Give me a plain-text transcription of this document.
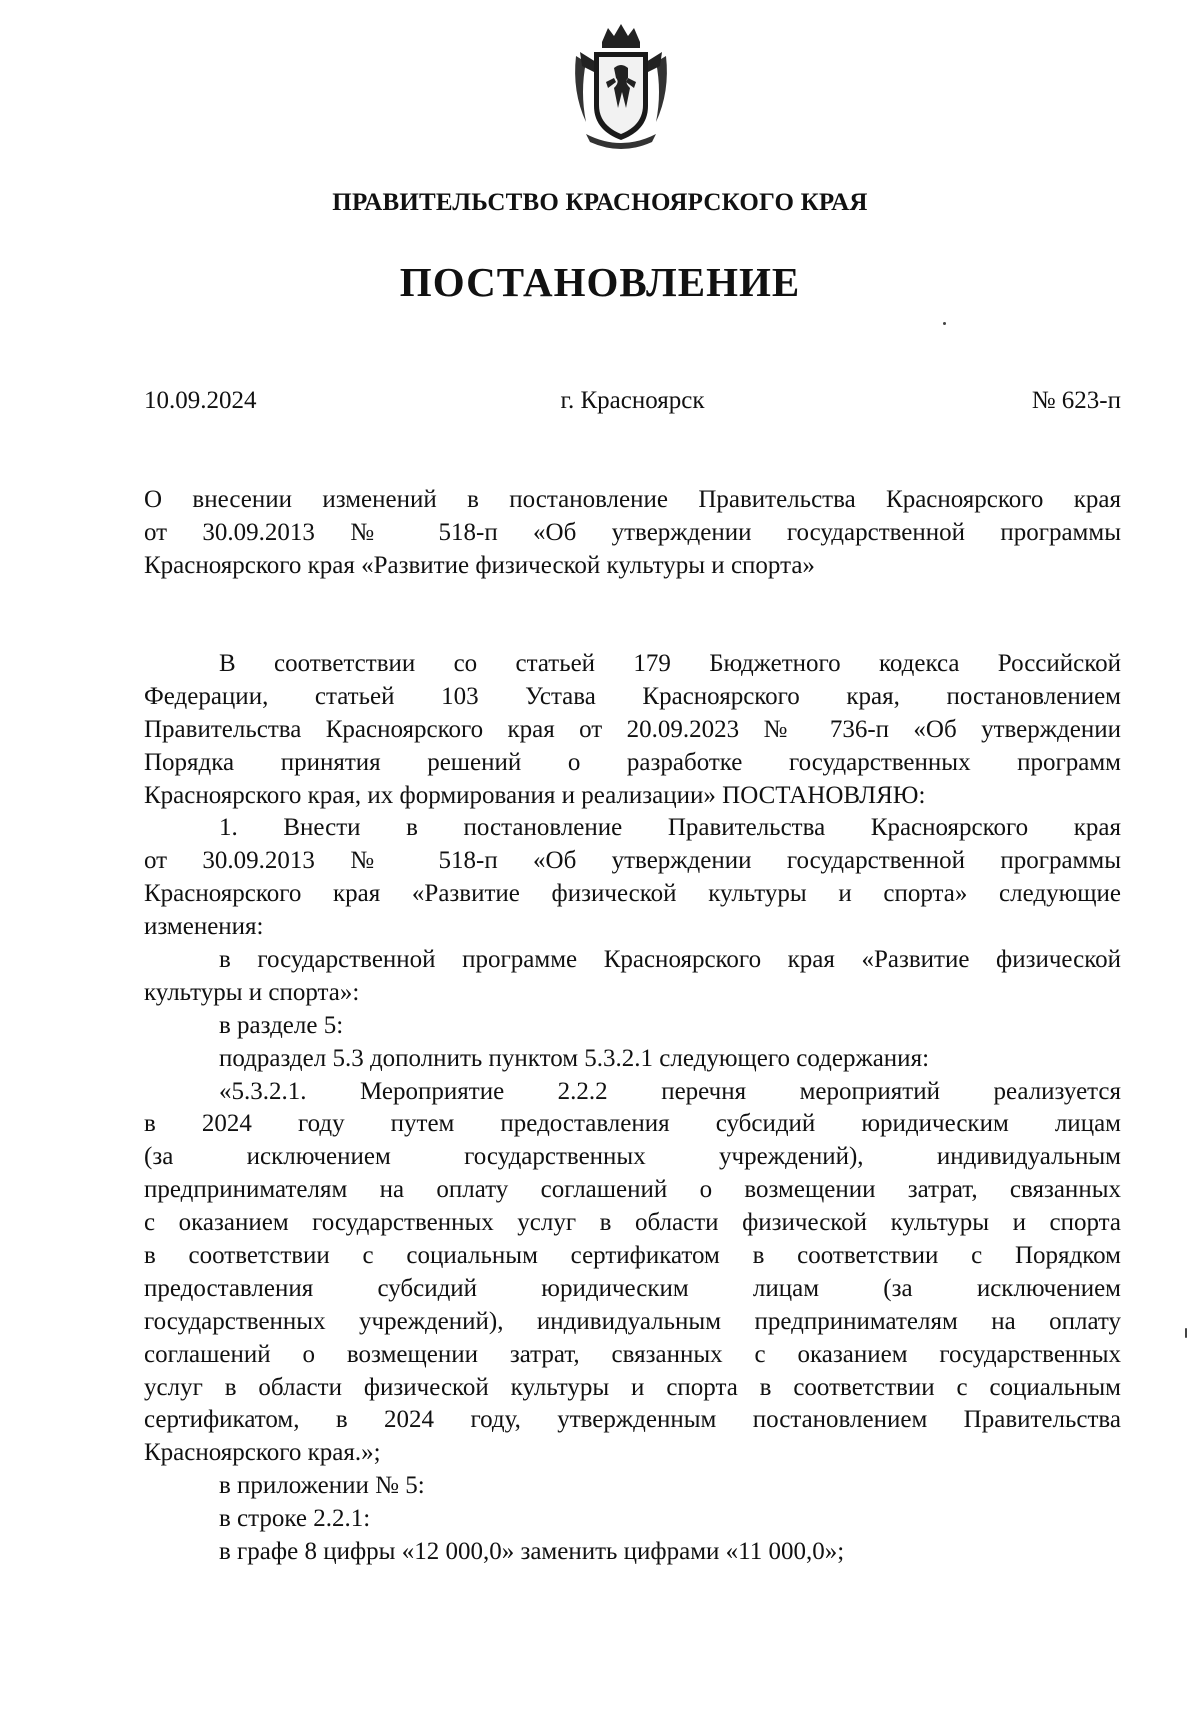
ПРАВИТЕЛЬСТВО КРАСНОЯРСКОГО КРАЯ
ПОСТАНОВЛЕНИЕ
10.09.2024	г. Красноярск	№ 623-п
О внесении изменений в постановление Правительства Красноярского края
от 30.09.2013 № 518-п «Об утверждении государственной программы
Красноярского края «Развитие физической культуры и спорта»
В соответствии со статьей 179 Бюджетного кодекса Российской
Федерации, статьей 103 Устава Красноярского края, постановлением
Правительства Красноярского края от 20.09.2023 № 736-п «Об утверждении
Порядка принятия решений о разработке государственных программ
Красноярского края, их формирования и реализации» ПОСТАНОВЛЯЮ:
1. Внести в постановление Правительства Красноярского края
от 30.09.2013 № 518-п «Об утверждении государственной программы
Красноярского края «Развитие физической культуры и спорта» следующие
изменения:
в государственной программе Красноярского края «Развитие физической
культуры и спорта»:
в разделе 5:
подраздел 5.3 дополнить пунктом 5.3.2.1 следующего содержания:
«5.3.2.1. Мероприятие 2.2.2 перечня мероприятий реализуется
в 2024 году путем предоставления субсидий юридическим лицам
(за исключением государственных учреждений), индивидуальным
предпринимателям на оплату соглашений о возмещении затрат, связанных
с оказанием государственных услуг в области физической культуры и спорта
в соответствии с социальным сертификатом в соответствии с Порядком
предоставления субсидий юридическим лицам (за исключением
государственных учреждений), индивидуальным предпринимателям на оплату
соглашений о возмещении затрат, связанных с оказанием государственных
услуг в области физической культуры и спорта в соответствии с социальным
сертификатом, в 2024 году, утвержденным постановлением Правительства
Красноярского края.»;
в приложении № 5:
в строке 2.2.1:
в графе 8 цифры «12 000,0» заменить цифрами «11 000,0»;
